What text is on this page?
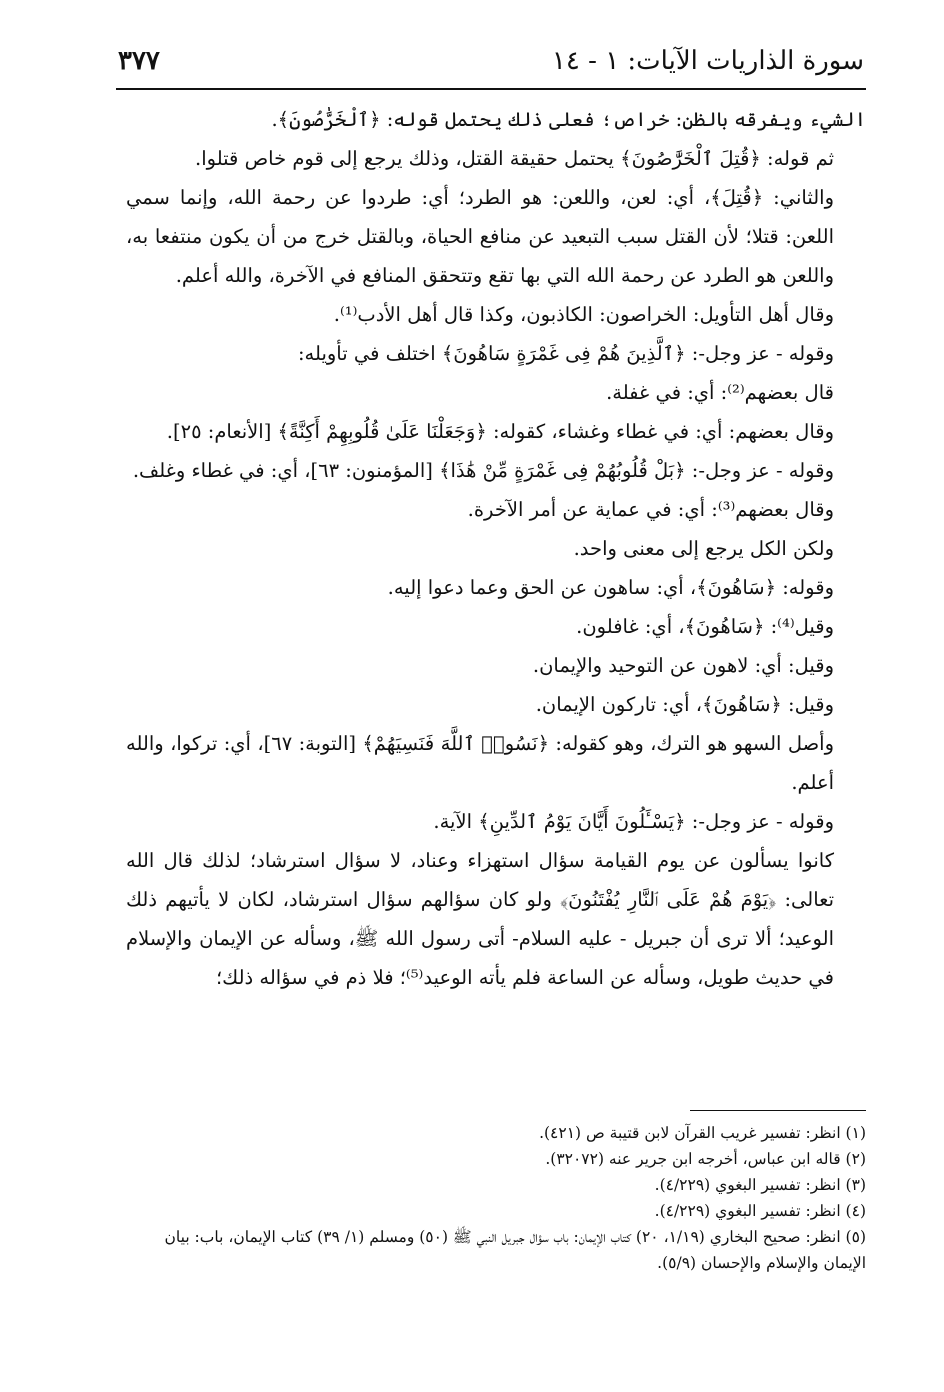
سورة الذاريات الآيات: ١ - ١٤
٣٧٧

الشيء ويفرقه بالظن: خراص؛ فعلى ذلك يحتمل قوله: ﴿ٱلْخَرَّٰصُونَ﴾.

ثم قوله: ﴿قُتِلَ ٱلْخَرَّٰصُونَ﴾ يحتمل حقيقة القتل، وذلك يرجع إلى قوم خاص قتلوا.

والثاني: ﴿قُتِلَ﴾، أي: لعن، واللعن: هو الطرد؛ أي: طردوا عن رحمة الله، وإنما سمي اللعن: قتلا؛ لأن القتل سبب التبعيد عن منافع الحياة، وبالقتل خرج من أن يكون منتفعا به، واللعن هو الطرد عن رحمة الله التي بها تقع وتتحقق المنافع في الآخرة، والله أعلم.

وقال أهل التأويل: الخراصون: الكاذبون، وكذا قال أهل الأدب⁽¹⁾.

وقوله - عز وجل-: ﴿ٱلَّذِينَ هُمْ فِى غَمْرَةٍ سَاهُونَ﴾ اختلف في تأويله:

قال بعضهم⁽²⁾: أي: في غفلة.

وقال بعضهم: أي: في غطاء وغشاء، كقوله: ﴿وَجَعَلْنَا عَلَىٰ قُلُوبِهِمْ أَكِنَّةً﴾ [الأنعام: ٢٥].

وقوله - عز وجل-: ﴿بَلْ قُلُوبُهُمْ فِى غَمْرَةٍ مِّنْ هَٰذَا﴾ [المؤمنون: ٦٣]، أي: في غطاء وغلف.

وقال بعضهم⁽³⁾: أي: في عماية عن أمر الآخرة.

ولكن الكل يرجع إلى معنى واحد.

وقوله: ﴿سَاهُونَ﴾، أي: ساهون عن الحق وعما دعوا إليه.

وقيل⁽⁴⁾: ﴿سَاهُونَ﴾، أي: غافلون.

وقيل: أي: لاهون عن التوحيد والإيمان.

وقيل: ﴿سَاهُونَ﴾، أي: تاركون الإيمان.

وأصل السهو هو الترك، وهو كقوله: ﴿نَسُوا۟ ٱللَّهَ فَنَسِيَهُمْ﴾ [التوبة: ٦٧]، أي: تركوا، والله أعلم.

وقوله - عز وجل-: ﴿يَسْـَٔلُونَ أَيَّانَ يَوْمُ ٱلدِّينِ﴾ الآية.

كانوا يسألون عن يوم القيامة سؤال استهزاء وعناد، لا سؤال استرشاد؛ لذلك قال الله تعالى: ﴿يَوْمَ هُمْ عَلَى ٱلنَّارِ يُفْتَنُونَ﴾ ولو كان سؤالهم سؤال استرشاد، لكان لا يأتيهم ذلك الوعيد؛ ألا ترى أن جبريل - عليه السلام- أتى رسول الله ﷺ، وسأله عن الإيمان والإسلام في حديث طويل، وسأله عن الساعة فلم يأته الوعيد⁽⁵⁾؛ فلا ذم في سؤاله ذلك؛

(١) انظر: تفسير غريب القرآن لابن قتيبة ص (٤٢١).

(٢) قاله ابن عباس، أخرجه ابن جرير عنه (٣٢٠٧٢).

(٣) انظر: تفسير البغوي (٤/٢٢٩).

(٤) انظر: تفسير البغوي (٤/٢٢٩).

(٥) انظر: صحيح البخاري (١/١٩، ٢٠) كتاب الإيمان: باب سؤال جبريل النبي ﷺ (٥٠) ومسلم (١/ ٣٩) كتاب الإيمان، باب: بيان الإيمان والإسلام والإحسان (٥/٩).
